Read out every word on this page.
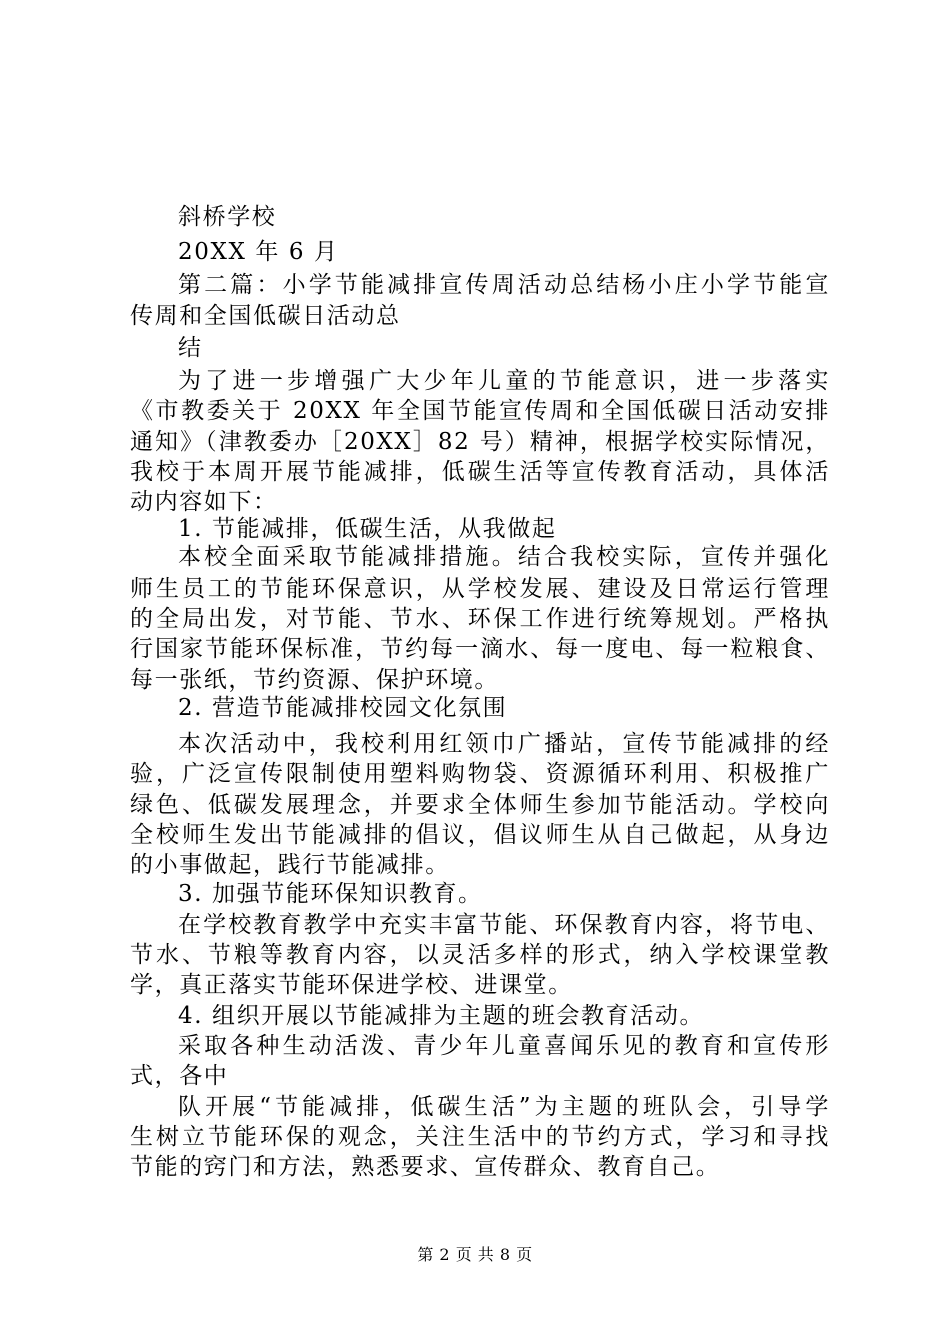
斜桥学校
20XX 年 6 月
第二篇：小学节能减排宣传周活动总结杨小庄小学节能宣
传周和全国低碳日活动总
结
为了进一步增强广大少年儿童的节能意识，进一步落实
《市教委关于 20XX 年全国节能宣传周和全国低碳日活动安排
通知》（津教委办［20XX］82 号）精神，根据学校实际情况，
我校于本周开展节能减排，低碳生活等宣传教育活动，具体活
动内容如下：
1. 节能减排，低碳生活，从我做起
本校全面采取节能减排措施。结合我校实际，宣传并强化
师生员工的节能环保意识，从学校发展、建设及日常运行管理
的全局出发，对节能、节水、环保工作进行统筹规划。严格执
行国家节能环保标准，节约每一滴水、每一度电、每一粒粮食、
每一张纸，节约资源、保护环境。
2. 营造节能减排校园文化氛围
本次活动中，我校利用红领巾广播站，宣传节能减排的经
验，广泛宣传限制使用塑料购物袋、资源循环利用、积极推广
绿色、低碳发展理念，并要求全体师生参加节能活动。学校向
全校师生发出节能减排的倡议，倡议师生从自己做起，从身边
的小事做起，践行节能减排。
3. 加强节能环保知识教育。
在学校教育教学中充实丰富节能、环保教育内容，将节电、
节水、节粮等教育内容，以灵活多样的形式，纳入学校课堂教
学，真正落实节能环保进学校、进课堂。
4. 组织开展以节能减排为主题的班会教育活动。
采取各种生动活泼、青少年儿童喜闻乐见的教育和宣传形
式，各中
队开展“节能减排，低碳生活”为主题的班队会，引导学
生树立节能环保的观念，关注生活中的节约方式，学习和寻找
节能的窍门和方法，熟悉要求、宣传群众、教育自己。
第 2 页 共 8 页
